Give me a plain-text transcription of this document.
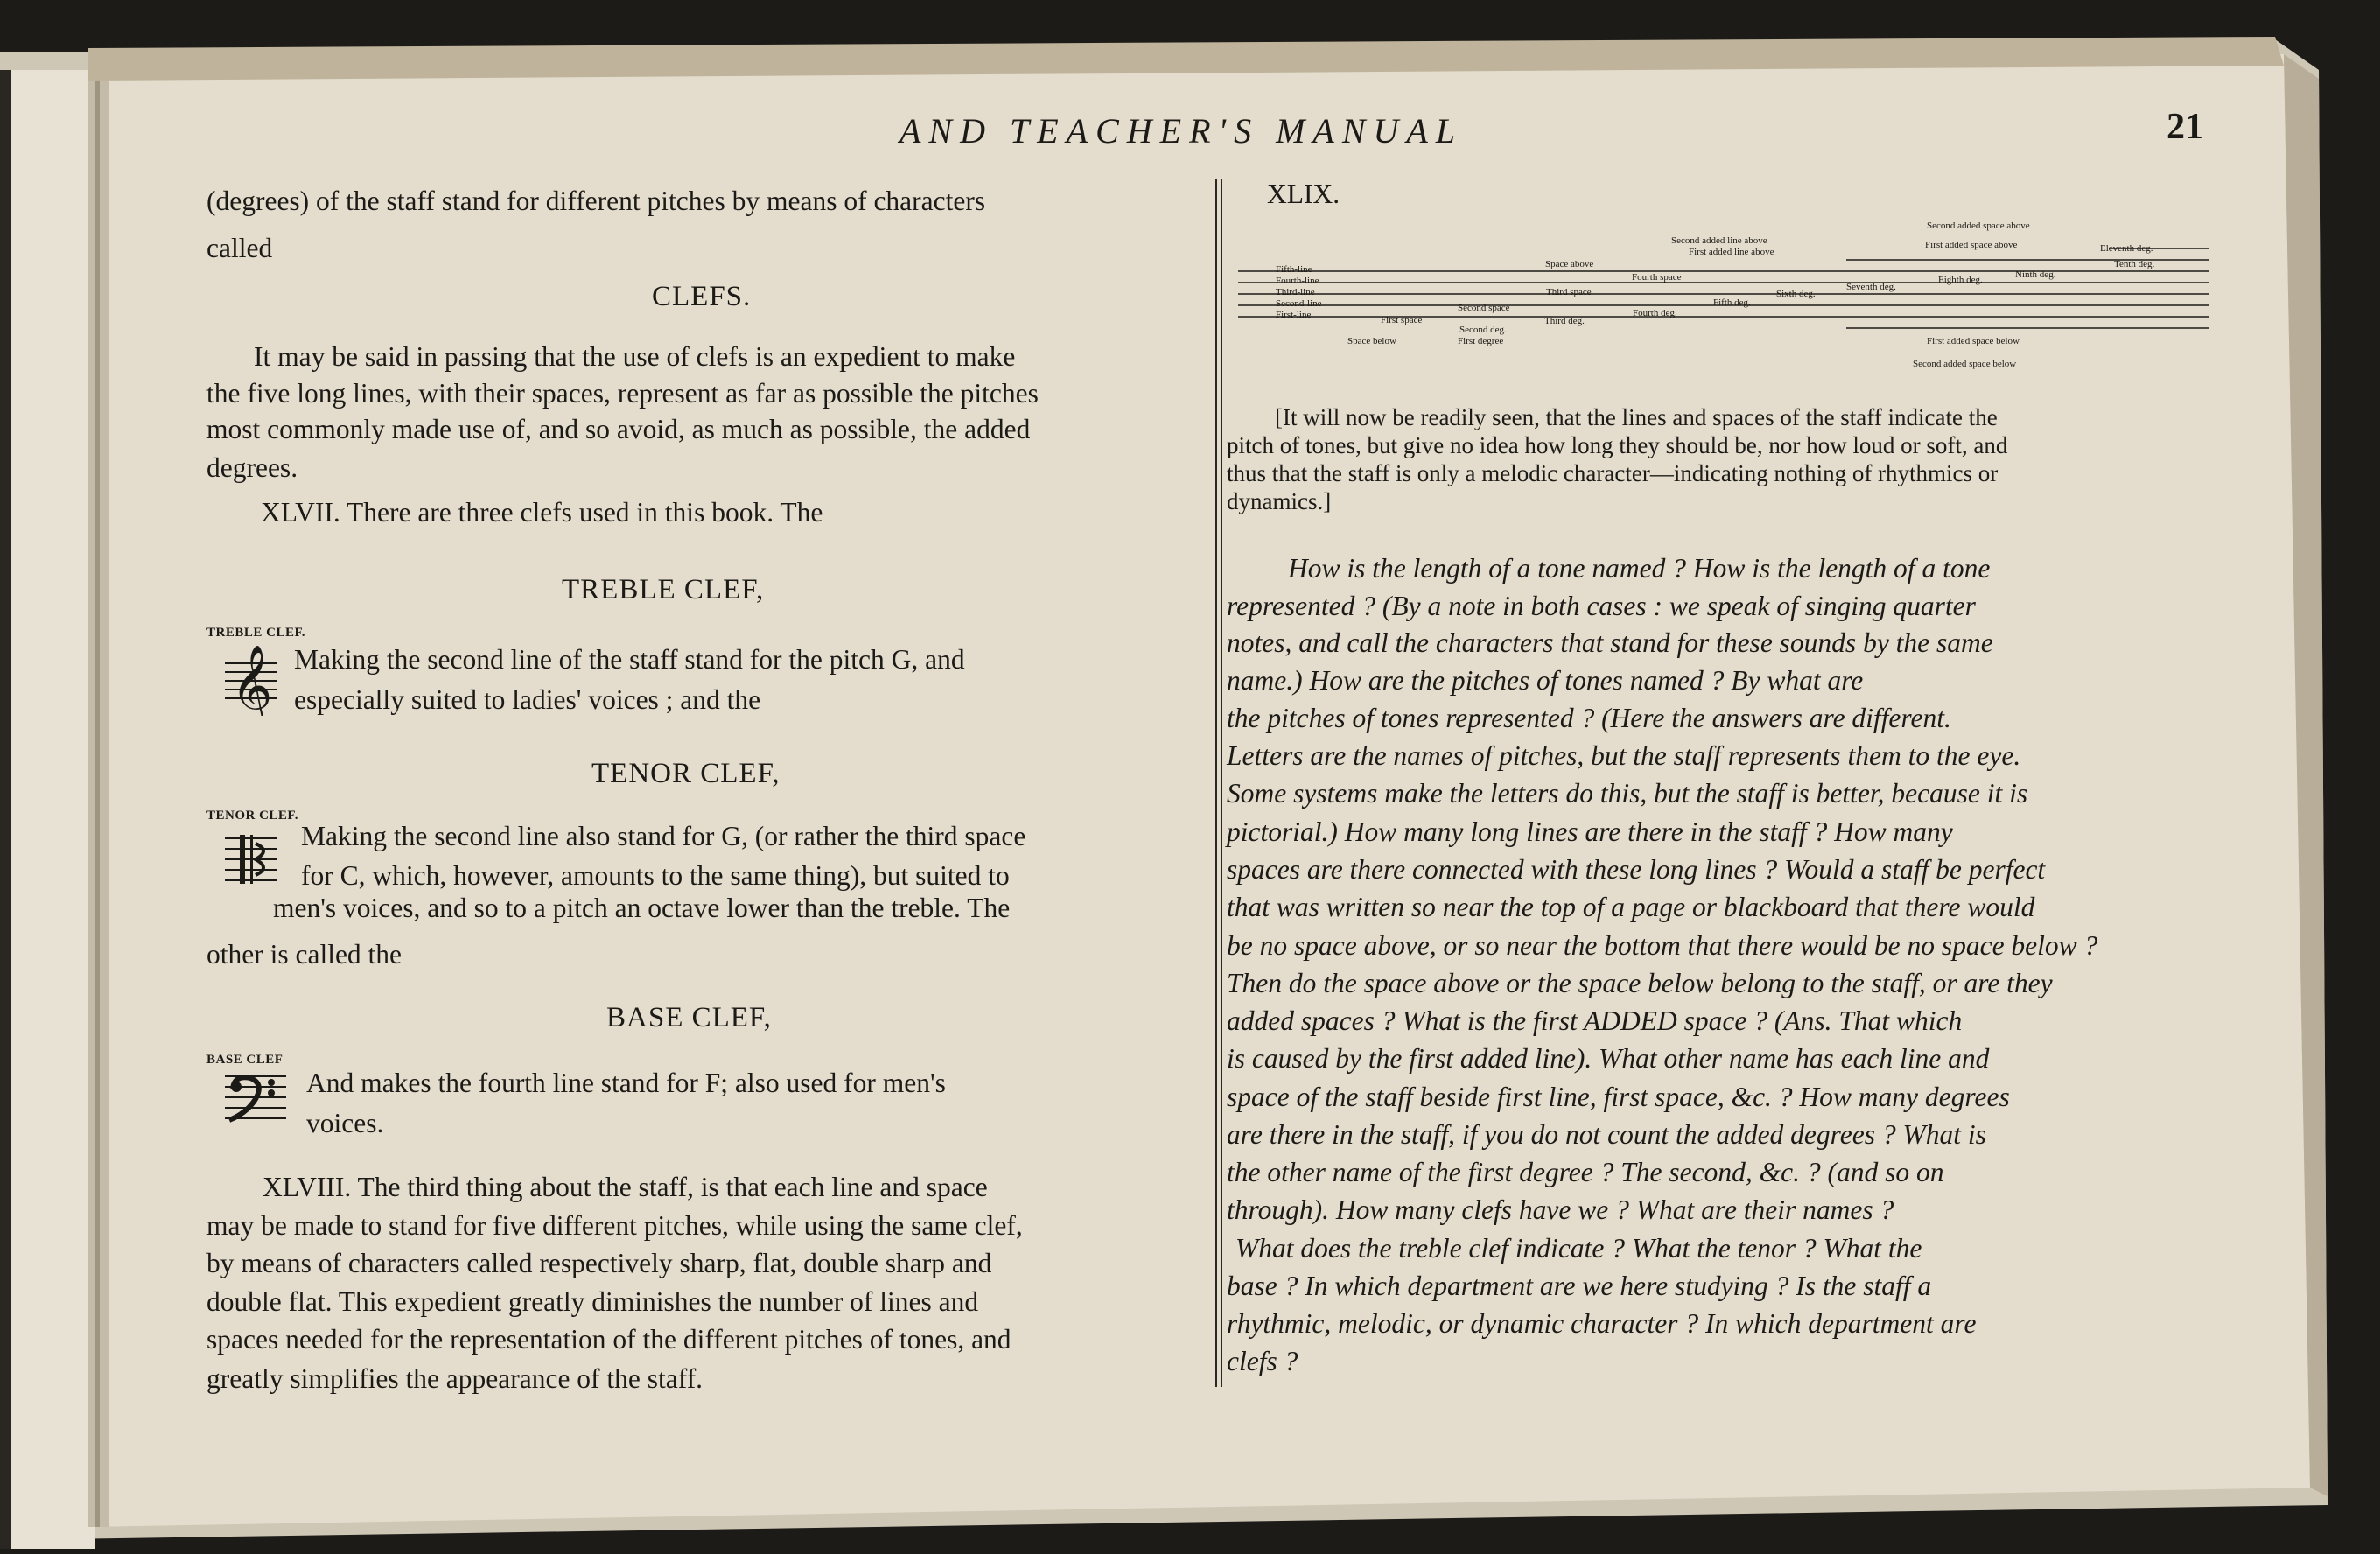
AND TEACHER'S MANUAL	21
(degrees) of the staff stand for different pitches by means of characters
called
CLEFS.
It may be said in passing that the use of clefs is an expedient to make
the five long lines, with their spaces, represent as far as possible the pitches
most commonly made use of, and so avoid, as much as possible, the added
degrees.
XLVII. There are three clefs used in this book. The
TREBLE CLEF,
TREBLE CLEF.
𝄞 Making the second line of the staff stand for the pitch G, and
especially suited to ladies' voices ; and the
TENOR CLEF,
TENOR CLEF.
Making the second line also stand for G, (or rather the third space
for C, which, however, amounts to the same thing), but suited to
men's voices, and so to a pitch an octave lower than the treble. The
other is called the
BASE CLEF,
BASE CLEF
And makes the fourth line stand for F; also used for men's
voices.
XLVIII. The third thing about the staff, is that each line and space
may be made to stand for five different pitches, while using the same clef,
by means of characters called respectively sharp, flat, double sharp and
double flat. This expedient greatly diminishes the number of lines and
spaces needed for the representation of the different pitches of tones, and
greatly simplifies the appearance of the staff.
XLIX.
Fifth-line
Fourth-line
Third-line
Second-line
First-line
Space below
First space
First degree
Second space
Second deg.
Third space
Third deg.
Space above
Fourth space
Fourth deg.
Second added line above
First added line above
Fifth deg.
Sixth deg.
Seventh deg.
Eighth deg.	Ninth deg.
Second added space above
First added space above	Eleventh deg.
Tenth deg.
First added space below
Second added space below
[It will now be readily seen, that the lines and spaces of the staff indicate the
pitch of tones, but give no idea how long they should be, nor how loud or soft, and
thus that the staff is only a melodic character—indicating nothing of rhythmics or
dynamics.]
How is the length of a tone named ? How is the length of a tone
represented ? (By a note in both cases : we speak of singing quarter
notes, and call the characters that stand for these sounds by the same
name.) How are the pitches of tones named ? By what are
the pitches of tones represented ? (Here the answers are different.
Letters are the names of pitches, but the staff represents them to the eye.
Some systems make the letters do this, but the staff is better, because it is
pictorial.) How many long lines are there in the staff ? How many
spaces are there connected with these long lines ? Would a staff be perfect
that was written so near the top of a page or blackboard that there would
be no space above, or so near the bottom that there would be no space below ?
Then do the space above or the space below belong to the staff, or are they
added spaces ? What is the first ADDED space ? (Ans. That which
is caused by the first added line). What other name has each line and
space of the staff beside first line, first space, &c. ? How many degrees
are there in the staff, if you do not count the added degrees ? What is
the other name of the first degree ? The second, &c. ? (and so on
through). How many clefs have we ? What are their names ?
What does the treble clef indicate ? What the tenor ? What the
base ? In which department are we here studying ? Is the staff a
rhythmic, melodic, or dynamic character ? In which department are
clefs ?
